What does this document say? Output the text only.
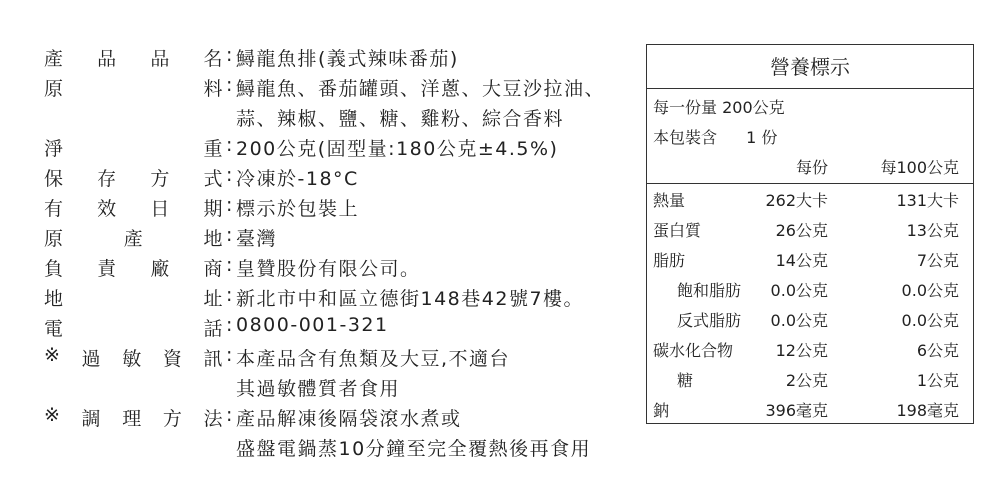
產 品 品 名 : 鱘龍魚排(義式辣味番茄)
原	料 : 鱘龍魚、番茄罐頭、洋蔥、大豆沙拉油、
蒜、辣椒、鹽、糖、雞粉、綜合香料
淨	重 : 200公克(固型量:180公克±4.5%)
保 存 方 式 : 冷凍於-18°C
有 效 日 期 : 標示於包裝上
原	產	地 : 臺灣
負 責 廠 商 : 皇贊股份有限公司。
地	址 : 新北市中和區立德街148巷42號7樓。
電	話 : 0800-001-321
※ 過 敏 資 訊 : 本產品含有魚類及大豆,不適台
其過敏體質者食用
※ 調 理 方 法 : 產品解凍後隔袋滾水煮或
盛盤電鍋蒸10分鐘至完全覆熱後再食用
營養標示
每一份量 200公克
本包裝含 1 份
每份	每100公克
熱量	262大卡	131大卡
蛋白質	26公克	13公克
脂肪	14公克	7公克
飽和脂肪 0.0公克	0.0公克
反式脂肪 0.0公克	0.0公克
碳水化合物	12公克	6公克
糖	2公克	1公克
鈉	396毫克	198毫克
